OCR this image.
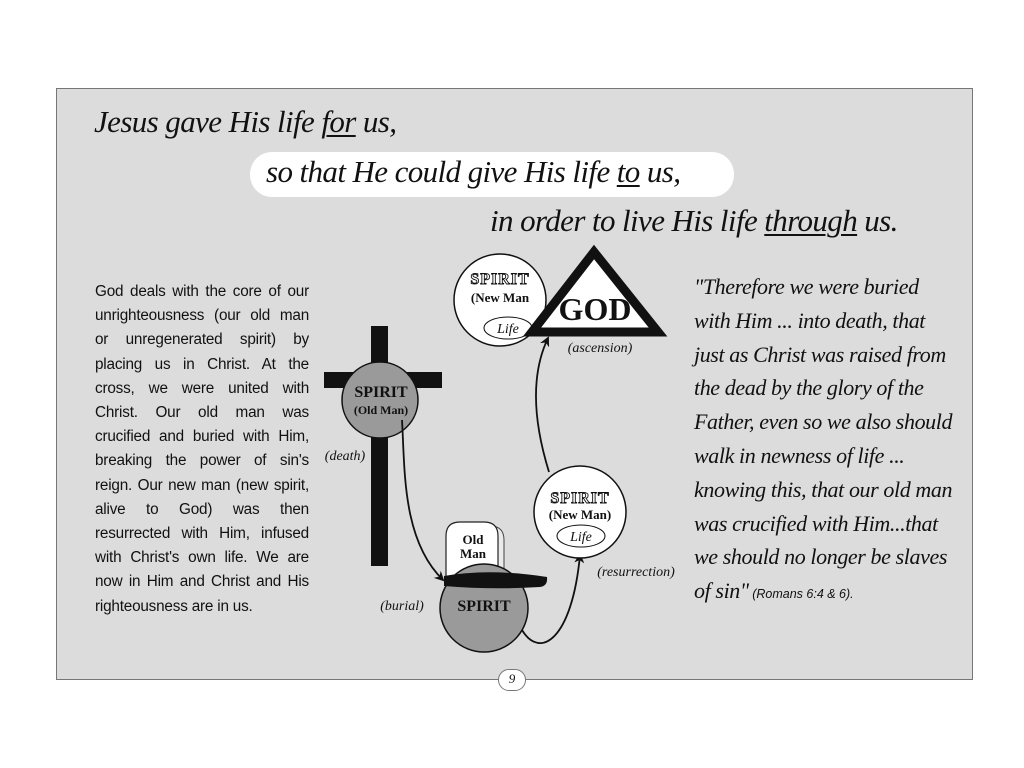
Jesus gave His life for us,
so that He could give His life to us,
in order to live His life through us.
God deals with the core of our unrighteousness (our old man or unregenerated spirit) by placing us in Christ. At the cross, we were united with Christ. Our old man was crucified and buried with Him, breaking the power of sin's reign. Our new man (new spirit, alive to God) was then resurrected with Him, infused with Christ's own life. We are now in Him and Christ and His righteousness are in us.
"Therefore we were buried with Him ... into death, that just as Christ was raised from the dead by the glory of the Father, even so we also should walk in newness of life ... knowing this, that our old man was crucified with Him...that we should no longer be slaves of sin" (Romans 6:4 & 6).
SPIRIT
(Old Man)
(death)
Old
Man
SPIRIT
(burial)
SPIRIT
(New Man)
Life
(resurrection)
SPIRIT
(New Man
Life
GOD
(ascension)
9
